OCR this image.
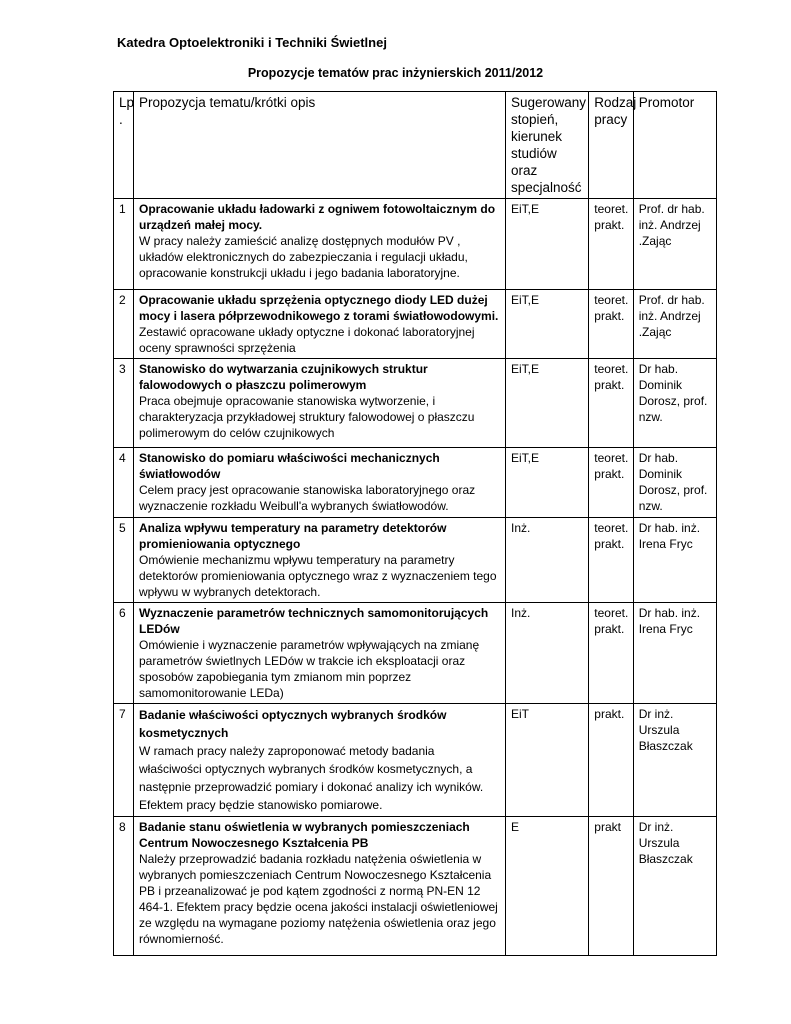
Katedra Optoelektroniki i Techniki Świetlnej
Propozycje tematów prac inżynierskich 2011/2012
Lp .	Propozycja tematu/krótki opis	Sugerowany stopień, kierunek studiów oraz specjalność	Rodzaj pracy	Promotor
1	Opracowanie układu ładowarki z ogniwem fotowoltaicznym do urządzeń małej mocy.
W pracy należy zamieścić analizę dostępnych modułów PV , układów elektronicznych do zabezpieczania i regulacji układu, opracowanie konstrukcji układu i jego badania laboratoryjne.	EiT,E	teoret. prakt.	Prof. dr hab. inż. Andrzej .Zając
2	Opracowanie układu sprzężenia optycznego diody LED dużej mocy i lasera półprzewodnikowego z torami światłowodowymi.
Zestawić opracowane układy optyczne i dokonać laboratoryjnej oceny sprawności sprzężenia	EiT,E	teoret. prakt.	Prof. dr hab. inż. Andrzej .Zając
3	Stanowisko do wytwarzania czujnikowych struktur falowodowych o płaszczu polimerowym
Praca obejmuje opracowanie stanowiska wytworzenie, i charakteryzacja przykładowej struktury falowodowej o płaszczu polimerowym do celów czujnikowych	EiT,E	teoret. prakt.	Dr hab. Dominik Dorosz, prof. nzw.
4	Stanowisko do pomiaru właściwości mechanicznych światłowodów
Celem pracy jest opracowanie stanowiska laboratoryjnego oraz wyznaczenie rozkładu Weibull'a wybranych światłowodów.	EiT,E	teoret. prakt.	Dr hab. Dominik Dorosz, prof. nzw.
5	Analiza wpływu temperatury na parametry detektorów promieniowania optycznego
Omówienie mechanizmu wpływu temperatury na parametry detektorów promieniowania optycznego wraz z wyznaczeniem tego wpływu w wybranych detektorach.	Inż.	teoret. prakt.	Dr hab. inż. Irena Fryc
6	Wyznaczenie parametrów technicznych samomonitorujących LEDów
Omówienie i wyznaczenie parametrów wpływających na zmianę parametrów świetlnych LEDów w trakcie ich eksploatacji oraz sposobów zapobiegania tym zmianom min poprzez samomonitorowanie LEDa)	Inż.	teoret. prakt.	Dr hab. inż. Irena Fryc
7	Badanie właściwości optycznych wybranych środków kosmetycznych
W ramach pracy należy zaproponować metody badania właściwości optycznych wybranych środków kosmetycznych, a następnie przeprowadzić pomiary i dokonać analizy ich wyników. Efektem pracy będzie stanowisko pomiarowe.	EiT	prakt.	Dr inż. Urszula Błaszczak
8	Badanie stanu oświetlenia w wybranych pomieszczeniach Centrum Nowoczesnego Kształcenia PB
Należy przeprowadzić badania rozkładu natężenia oświetlenia w wybranych pomieszczeniach Centrum Nowoczesnego Kształcenia PB i przeanalizować je pod kątem zgodności z normą PN-EN 12 464-1. Efektem pracy będzie ocena jakości instalacji oświetleniowej ze względu na wymagane poziomy natężenia oświetlenia oraz jego równomierność.	E	prakt	Dr inż. Urszula Błaszczak
